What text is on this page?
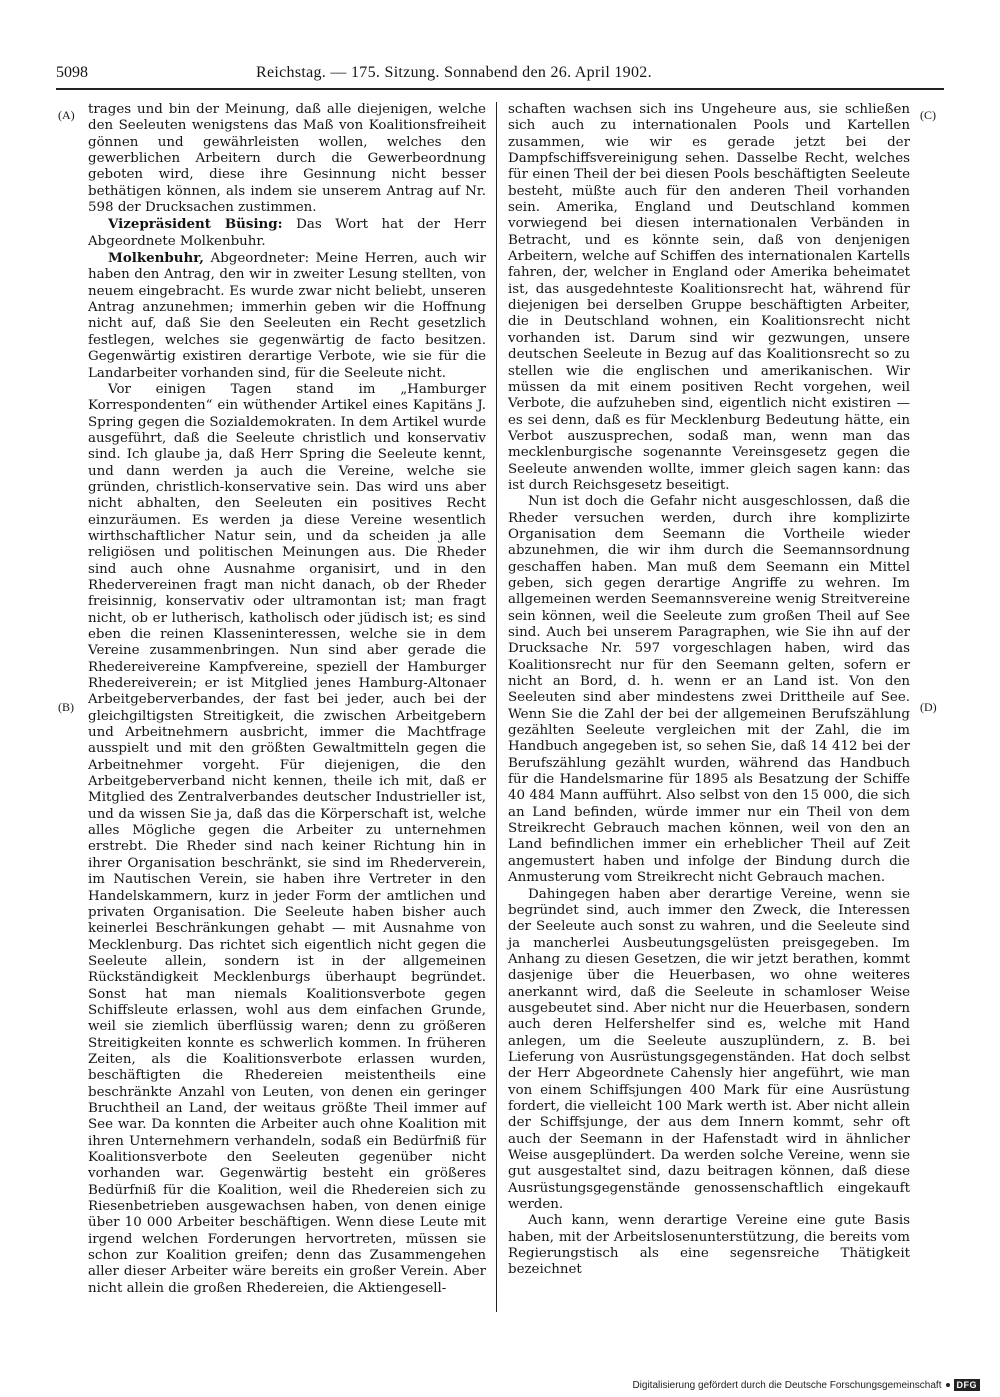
5098	Reichstag. — 175. Sitzung. Sonnabend den 26. April 1902.
(A)
(B)
(C)
(D)

trages und bin der Meinung, daß alle diejenigen, welche den Seeleuten wenigstens das Maß von Koalitionsfreiheit gönnen und gewährleisten wollen, welches den gewerblichen Arbeitern durch die Gewerbeordnung geboten wird, diese ihre Gesinnung nicht besser bethätigen können, als indem sie unserem Antrag auf Nr. 598 der Drucksachen zustimmen.

Vizepräsident Büsing: Das Wort hat der Herr Abgeordnete Molkenbuhr.

Molkenbuhr, Abgeordneter: Meine Herren, auch wir haben den Antrag, den wir in zweiter Lesung stellten, von neuem eingebracht. Es wurde zwar nicht beliebt, unseren Antrag anzunehmen; immerhin geben wir die Hoffnung nicht auf, daß Sie den Seeleuten ein Recht gesetzlich festlegen, welches sie gegenwärtig de facto besitzen. Gegenwärtig existiren derartige Verbote, wie sie für die Landarbeiter vorhanden sind, für die Seeleute nicht.

Vor einigen Tagen stand im „Hamburger Korrespondenten“ ein wüthender Artikel eines Kapitäns J. Spring gegen die Sozialdemokraten. In dem Artikel wurde ausgeführt, daß die Seeleute christlich und konservativ sind. Ich glaube ja, daß Herr Spring die Seeleute kennt, und dann werden ja auch die Vereine, welche sie gründen, christlich-konservative sein. Das wird uns aber nicht abhalten, den Seeleuten ein positives Recht einzuräumen. Es werden ja diese Vereine wesentlich wirthschaftlicher Natur sein, und da scheiden ja alle religiösen und politischen Meinungen aus. Die Rheder sind auch ohne Ausnahme organisirt, und in den Rhedervereinen fragt man nicht danach, ob der Rheder freisinnig, konservativ oder ultramontan ist; man fragt nicht, ob er lutherisch, katholisch oder jüdisch ist; es sind eben die reinen Klasseninteressen, welche sie in dem Vereine zusammenbringen. Nun sind aber gerade die Rhedereivereine Kampfvereine, speziell der Hamburger Rhedereiverein; er ist Mitglied jenes Hamburg-Altonaer Arbeitgeberverbandes, der fast bei jeder, auch bei der gleichgiltigsten Streitigkeit, die zwischen Arbeitgebern und Arbeitnehmern ausbricht, immer die Machtfrage ausspielt und mit den größten Gewaltmitteln gegen die Arbeitnehmer vorgeht. Für diejenigen, die den Arbeitgeberverband nicht kennen, theile ich mit, daß er Mitglied des Zentralverbandes deutscher Industrieller ist, und da wissen Sie ja, daß das die Körperschaft ist, welche alles Mögliche gegen die Arbeiter zu unternehmen erstrebt. Die Rheder sind nach keiner Richtung hin in ihrer Organisation beschränkt, sie sind im Rhederverein, im Nautischen Verein, sie haben ihre Vertreter in den Handelskammern, kurz in jeder Form der amtlichen und privaten Organisation. Die Seeleute haben bisher auch keinerlei Beschränkungen gehabt — mit Ausnahme von Mecklenburg. Das richtet sich eigentlich nicht gegen die Seeleute allein, sondern ist in der allgemeinen Rückständigkeit Mecklenburgs überhaupt begründet. Sonst hat man niemals Koalitionsverbote gegen Schiffsleute erlassen, wohl aus dem einfachen Grunde, weil sie ziemlich überflüssig waren; denn zu größeren Streitigkeiten konnte es schwerlich kommen. In früheren Zeiten, als die Koalitionsverbote erlassen wurden, beschäftigten die Rhedereien meistentheils eine beschränkte Anzahl von Leuten, von denen ein geringer Bruchtheil an Land, der weitaus größte Theil immer auf See war. Da konnten die Arbeiter auch ohne Koalition mit ihren Unternehmern verhandeln, sodaß ein Bedürfniß für Koalitionsverbote den Seeleuten gegenüber nicht vorhanden war. Gegenwärtig besteht ein größeres Bedürfniß für die Koalition, weil die Rhedereien sich zu Riesenbetrieben ausgewachsen haben, von denen einige über 10 000 Arbeiter beschäftigen. Wenn diese Leute mit irgend welchen Forderungen hervortreten, müssen sie schon zur Koalition greifen; denn das Zusammengehen aller dieser Arbeiter wäre bereits ein großer Verein. Aber nicht allein die großen Rhedereien, die Aktiengesell-

schaften wachsen sich ins Ungeheure aus, sie schließen sich auch zu internationalen Pools und Kartellen zusammen, wie wir es gerade jetzt bei der Dampfschiffsvereinigung sehen. Dasselbe Recht, welches für einen Theil der bei diesen Pools beschäftigten Seeleute besteht, müßte auch für den anderen Theil vorhanden sein. Amerika, England und Deutschland kommen vorwiegend bei diesen internationalen Verbänden in Betracht, und es könnte sein, daß von denjenigen Arbeitern, welche auf Schiffen des internationalen Kartells fahren, der, welcher in England oder Amerika beheimatet ist, das ausgedehnteste Koalitionsrecht hat, während für diejenigen bei derselben Gruppe beschäftigten Arbeiter, die in Deutschland wohnen, ein Koalitionsrecht nicht vorhanden ist. Darum sind wir gezwungen, unsere deutschen Seeleute in Bezug auf das Koalitionsrecht so zu stellen wie die englischen und amerikanischen. Wir müssen da mit einem positiven Recht vorgehen, weil Verbote, die aufzuheben sind, eigentlich nicht existiren — es sei denn, daß es für Mecklenburg Bedeutung hätte, ein Verbot auszusprechen, sodaß man, wenn man das mecklenburgische sogenannte Vereinsgesetz gegen die Seeleute anwenden wollte, immer gleich sagen kann: das ist durch Reichsgesetz beseitigt.

Nun ist doch die Gefahr nicht ausgeschlossen, daß die Rheder versuchen werden, durch ihre komplizirte Organisation dem Seemann die Vortheile wieder abzunehmen, die wir ihm durch die Seemannsordnung geschaffen haben. Man muß dem Seemann ein Mittel geben, sich gegen derartige Angriffe zu wehren. Im allgemeinen werden Seemannsvereine wenig Streitvereine sein können, weil die Seeleute zum großen Theil auf See sind. Auch bei unserem Paragraphen, wie Sie ihn auf der Drucksache Nr. 597 vorgeschlagen haben, wird das Koalitionsrecht nur für den Seemann gelten, sofern er nicht an Bord, d. h. wenn er an Land ist. Von den Seeleuten sind aber mindestens zwei Drittheile auf See. Wenn Sie die Zahl der bei der allgemeinen Berufszählung gezählten Seeleute vergleichen mit der Zahl, die im Handbuch angegeben ist, so sehen Sie, daß 14 412 bei der Berufszählung gezählt wurden, während das Handbuch für die Handelsmarine für 1895 als Besatzung der Schiffe 40 484 Mann aufführt. Also selbst von den 15 000, die sich an Land befinden, würde immer nur ein Theil von dem Streikrecht Gebrauch machen können, weil von den an Land befindlichen immer ein erheblicher Theil auf Zeit angemustert haben und infolge der Bindung durch die Anmusterung vom Streikrecht nicht Gebrauch machen.

Dahingegen haben aber derartige Vereine, wenn sie begründet sind, auch immer den Zweck, die Interessen der Seeleute auch sonst zu wahren, und die Seeleute sind ja mancherlei Ausbeutungsgelüsten preisgegeben. Im Anhang zu diesen Gesetzen, die wir jetzt berathen, kommt dasjenige über die Heuerbasen, wo ohne weiteres anerkannt wird, daß die Seeleute in schamloser Weise ausgebeutet sind. Aber nicht nur die Heuerbasen, sondern auch deren Helfershelfer sind es, welche mit Hand anlegen, um die Seeleute auszuplündern, z. B. bei Lieferung von Ausrüstungsgegenständen. Hat doch selbst der Herr Abgeordnete Cahensly hier angeführt, wie man von einem Schiffsjungen 400 Mark für eine Ausrüstung fordert, die vielleicht 100 Mark werth ist. Aber nicht allein der Schiffsjunge, der aus dem Innern kommt, sehr oft auch der Seemann in der Hafenstadt wird in ähnlicher Weise ausgeplündert. Da werden solche Vereine, wenn sie gut ausgestaltet sind, dazu beitragen können, daß diese Ausrüstungsgegenstände genossenschaftlich eingekauft werden.

Auch kann, wenn derartige Vereine eine gute Basis haben, mit der Arbeitslosenunterstützung, die bereits vom Regierungstisch als eine segensreiche Thätigkeit bezeichnet

Digitalisierung gefördert durch die Deutsche Forschungsgemeinschaft	DFG
